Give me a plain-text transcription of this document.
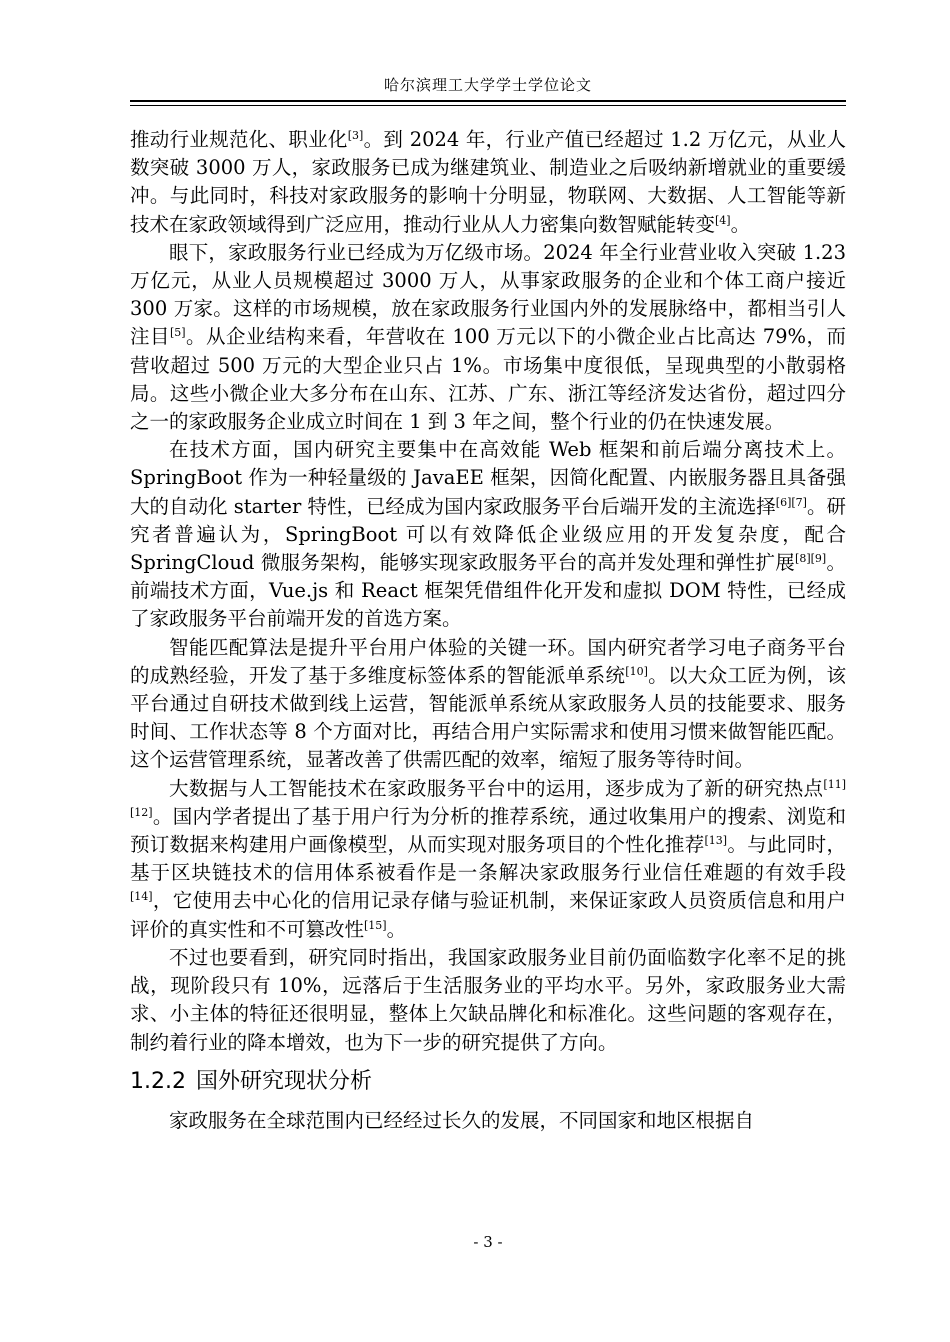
哈尔滨理工大学学士学位论文

推动行业规范化、职业化[3]。到 2024 年，行业产值已经超过 1.2 万亿元，从业人数突破 3000 万人，家政服务已成为继建筑业、制造业之后吸纳新增就业的重要缓冲。与此同时，科技对家政服务的影响十分明显，物联网、大数据、人工智能等新技术在家政领域得到广泛应用，推动行业从人力密集向数智赋能转变[4]。

眼下，家政服务行业已经成为万亿级市场。2024 年全行业营业收入突破 1.23 万亿元，从业人员规模超过 3000 万人，从事家政服务的企业和个体工商户接近 300 万家。这样的市场规模，放在家政服务行业国内外的发展脉络中，都相当引人注目[5]。从企业结构来看，年营收在 100 万元以下的小微企业占比高达 79%，而营收超过 500 万元的大型企业只占 1%。市场集中度很低，呈现典型的小散弱格局。这些小微企业大多分布在山东、江苏、广东、浙江等经济发达省份，超过四分之一的家政服务企业成立时间在 1 到 3 年之间，整个行业的仍在快速发展。

在技术方面，国内研究主要集中在高效能 Web 框架和前后端分离技术上。SpringBoot 作为一种轻量级的 JavaEE 框架，因简化配置、内嵌服务器且具备强大的自动化 starter 特性，已经成为国内家政服务平台后端开发的主流选择[6][7]。研究者普遍认为，SpringBoot 可以有效降低企业级应用的开发复杂度，配合 SpringCloud 微服务架构，能够实现家政服务平台的高并发处理和弹性扩展[8][9]。前端技术方面，Vue.js 和 React 框架凭借组件化开发和虚拟 DOM 特性，已经成了家政服务平台前端开发的首选方案。

智能匹配算法是提升平台用户体验的关键一环。国内研究者学习电子商务平台的成熟经验，开发了基于多维度标签体系的智能派单系统[10]。以大众工匠为例，该平台通过自研技术做到线上运营，智能派单系统从家政服务人员的技能要求、服务时间、工作状态等 8 个方面对比，再结合用户实际需求和使用习惯来做智能匹配。这个运营管理系统，显著改善了供需匹配的效率，缩短了服务等待时间。

大数据与人工智能技术在家政服务平台中的运用，逐步成为了新的研究热点[11][12]。国内学者提出了基于用户行为分析的推荐系统，通过收集用户的搜索、浏览和预订数据来构建用户画像模型，从而实现对服务项目的个性化推荐[13]。与此同时，基于区块链技术的信用体系被看作是一条解决家政服务行业信任难题的有效手段[14]，它使用去中心化的信用记录存储与验证机制，来保证家政人员资质信息和用户评价的真实性和不可篡改性[15]。

不过也要看到，研究同时指出，我国家政服务业目前仍面临数字化率不足的挑战，现阶段只有 10%，远落后于生活服务业的平均水平。另外，家政服务业大需求、小主体的特征还很明显，整体上欠缺品牌化和标准化。这些问题的客观存在，制约着行业的降本增效，也为下一步的研究提供了方向。

1.2.2 国外研究现状分析

家政服务在全球范围内已经经过长久的发展，不同国家和地区根据自

- 3 -
